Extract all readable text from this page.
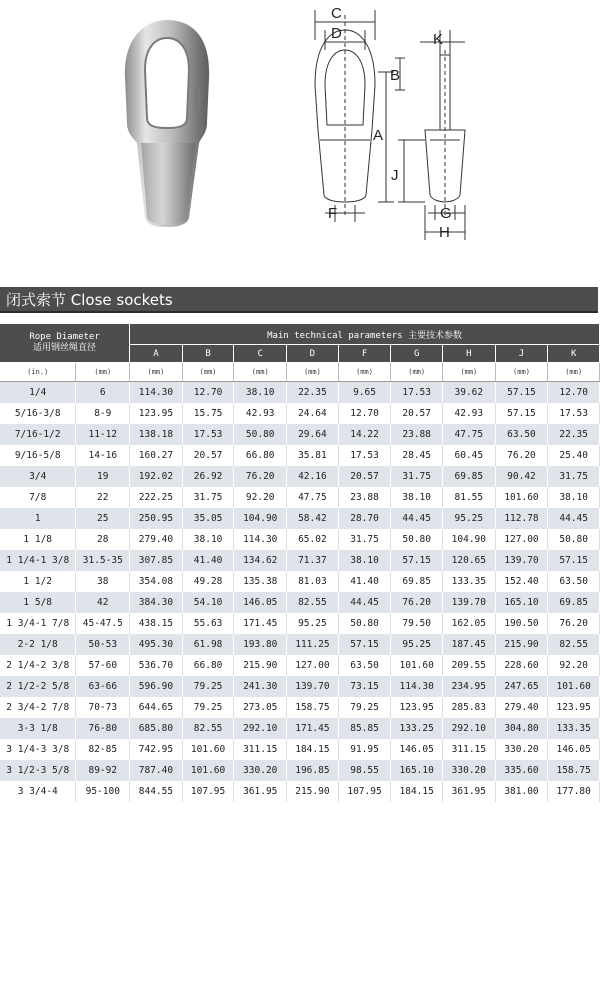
C
D	K
B
A
J
F	G
H
闭式索节 Close sockets
Rope Diameter
适用钢丝绳直径		Main technical parameters 主要技术参数								
		A	B	C	D	F	G	H	J	K
(in.)	(mm)	(mm)	(mm)	(mm)	(mm)	(mm)	(mm)	(mm)	(mm)	(mm)
1/4	6	114.30	12.70	38.10	22.35	9.65	17.53	39.62	57.15	12.70
5/16-3/8	8-9	123.95	15.75	42.93	24.64	12.70	20.57	42.93	57.15	17.53
7/16-1/2	11-12	138.18	17.53	50.80	29.64	14.22	23.88	47.75	63.50	22.35
9/16-5/8	14-16	160.27	20.57	66.80	35.81	17.53	28.45	60.45	76.20	25.40
3/4	19	192.02	26.92	76.20	42.16	20.57	31.75	69.85	90.42	31.75
7/8	22	222.25	31.75	92.20	47.75	23.88	38.10	81.55	101.60	38.10
1	25	250.95	35.05	104.90	58.42	28.70	44.45	95.25	112.78	44.45
1 1/8	28	279.40	38.10	114.30	65.02	31.75	50.80	104.90	127.00	50.80
1 1/4-1 3/8	31.5-35	307.85	41.40	134.62	71.37	38.10	57.15	120.65	139.70	57.15
1 1/2	38	354.08	49.28	135.38	81.03	41.40	69.85	133.35	152.40	63.50
1 5/8	42	384.30	54.10	146.05	82.55	44.45	76.20	139.70	165.10	69.85
1 3/4-1 7/8	45-47.5	438.15	55.63	171.45	95.25	50.80	79.50	162.05	190.50	76.20
2-2 1/8	50-53	495.30	61.98	193.80	111.25	57.15	95.25	187.45	215.90	82.55
2 1/4-2 3/8	57-60	536.70	66.80	215.90	127.00	63.50	101.60	209.55	228.60	92.20
2 1/2-2 5/8	63-66	596.90	79.25	241.30	139.70	73.15	114.30	234.95	247.65	101.60
2 3/4-2 7/8	70-73	644.65	79.25	273.05	158.75	79.25	123.95	285.83	279.40	123.95
3-3 1/8	76-80	685.80	82.55	292.10	171.45	85.85	133.25	292.10	304.80	133.35
3 1/4-3 3/8	82-85	742.95	101.60	311.15	184.15	91.95	146.05	311.15	330.20	146.05
3 1/2-3 5/8	89-92	787.40	101.60	330.20	196.85	98.55	165.10	330.20	335.60	158.75
3 3/4-4	95-100	844.55	107.95	361.95	215.90	107.95	184.15	361.95	381.00	177.80
